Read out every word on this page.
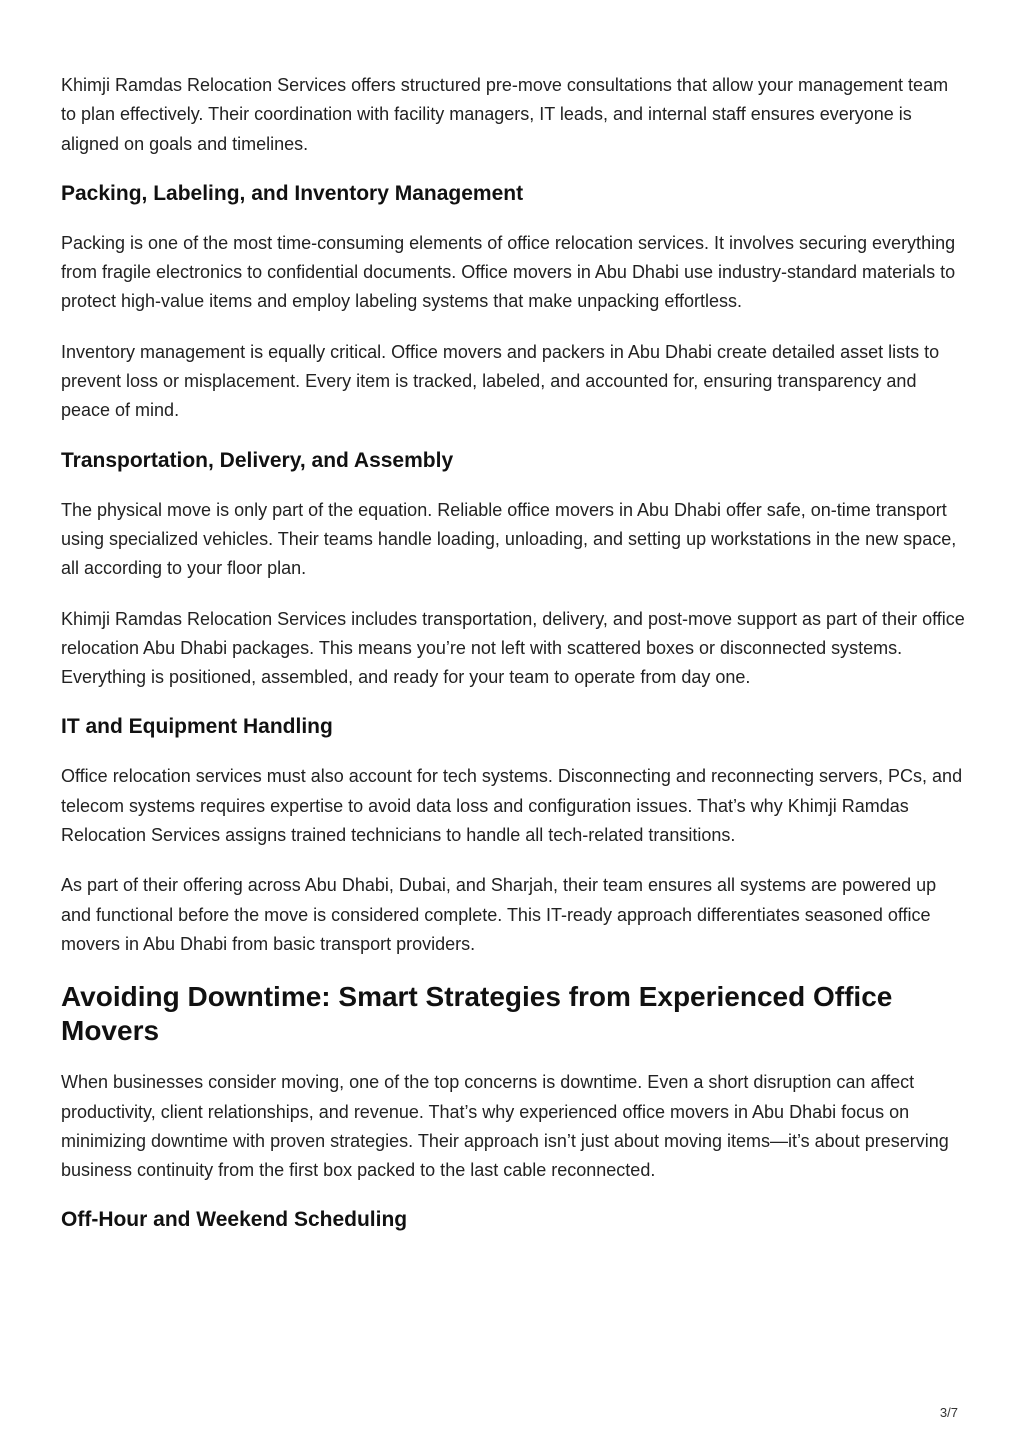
Khimji Ramdas Relocation Services offers structured pre-move consultations that allow your management team to plan effectively. Their coordination with facility managers, IT leads, and internal staff ensures everyone is aligned on goals and timelines.

Packing, Labeling, and Inventory Management

Packing is one of the most time-consuming elements of office relocation services. It involves securing everything from fragile electronics to confidential documents. Office movers in Abu Dhabi use industry-standard materials to protect high-value items and employ labeling systems that make unpacking effortless.

Inventory management is equally critical. Office movers and packers in Abu Dhabi create detailed asset lists to prevent loss or misplacement. Every item is tracked, labeled, and accounted for, ensuring transparency and peace of mind.

Transportation, Delivery, and Assembly

The physical move is only part of the equation. Reliable office movers in Abu Dhabi offer safe, on-time transport using specialized vehicles. Their teams handle loading, unloading, and setting up workstations in the new space, all according to your floor plan.

Khimji Ramdas Relocation Services includes transportation, delivery, and post-move support as part of their office relocation Abu Dhabi packages. This means you’re not left with scattered boxes or disconnected systems. Everything is positioned, assembled, and ready for your team to operate from day one.

IT and Equipment Handling

Office relocation services must also account for tech systems. Disconnecting and reconnecting servers, PCs, and telecom systems requires expertise to avoid data loss and configuration issues. That’s why Khimji Ramdas Relocation Services assigns trained technicians to handle all tech-related transitions.

As part of their offering across Abu Dhabi, Dubai, and Sharjah, their team ensures all systems are powered up and functional before the move is considered complete. This IT-ready approach differentiates seasoned office movers in Abu Dhabi from basic transport providers.

Avoiding Downtime: Smart Strategies from Experienced Office Movers

When businesses consider moving, one of the top concerns is downtime. Even a short disruption can affect productivity, client relationships, and revenue. That’s why experienced office movers in Abu Dhabi focus on minimizing downtime with proven strategies. Their approach isn’t just about moving items—it’s about preserving business continuity from the first box packed to the last cable reconnected.

Off-Hour and Weekend Scheduling
3/7
